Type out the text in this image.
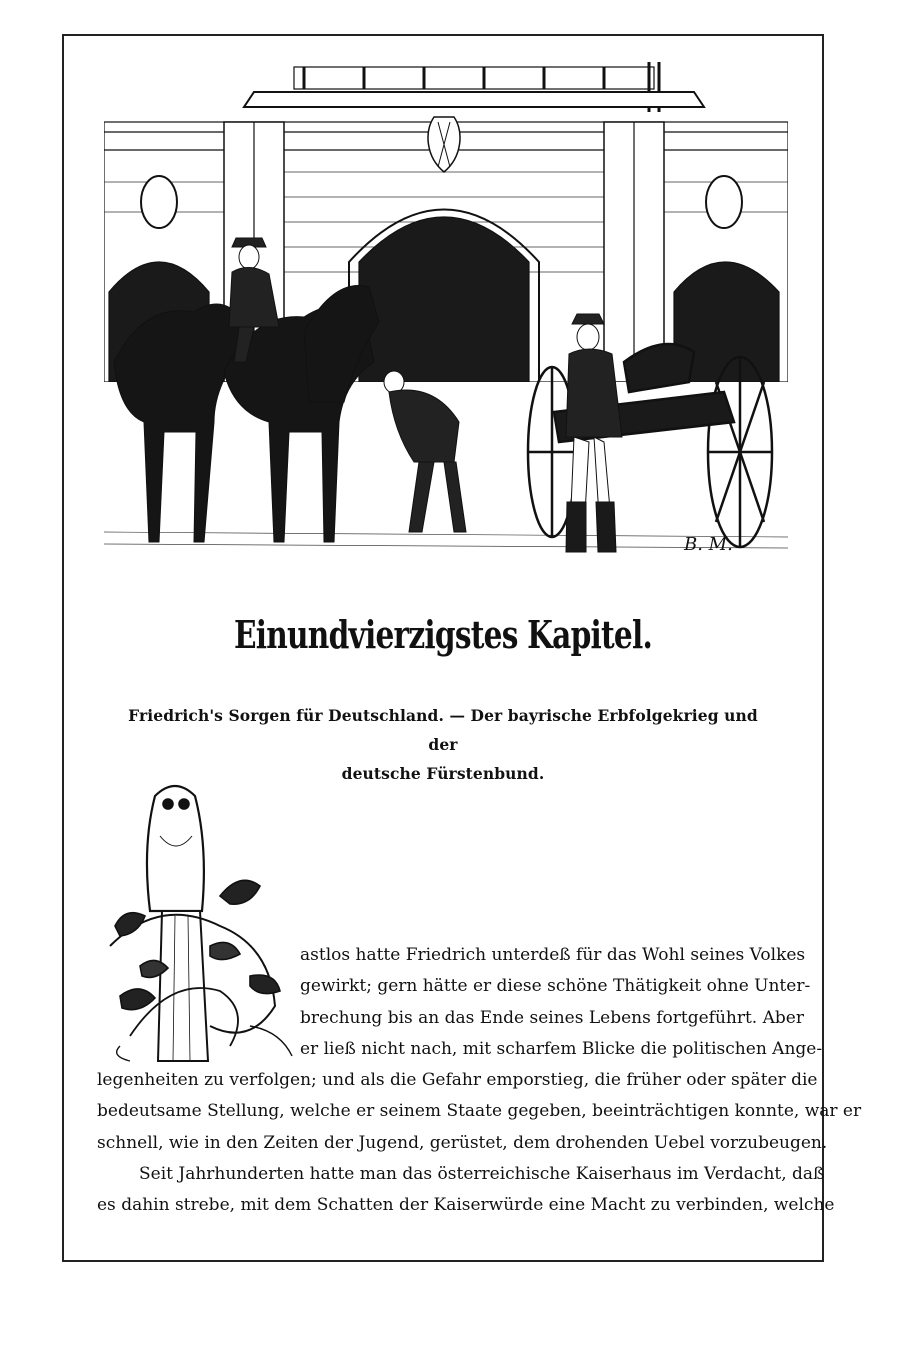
B. M.
Einundvierzigstes Kapitel.
Friedrich's Sorgen für Deutschland. — Der bayrische Erbfolgekrieg und der
deutsche Fürstenbund.
astlos hatte Friedrich unterdeß für das Wohl seines Volkes
gewirkt; gern hätte er diese schöne Thätigkeit ohne Unter-
brechung bis an das Ende seines Lebens fortgeführt. Aber
er ließ nicht nach, mit scharfem Blicke die politischen Ange-
legenheiten zu verfolgen; und als die Gefahr emporstieg, die früher oder später die
bedeutsame Stellung, welche er seinem Staate gegeben, beeinträchtigen konnte, war er
schnell, wie in den Zeiten der Jugend, gerüstet, dem drohenden Uebel vorzubeugen.
Seit Jahrhunderten hatte man das österreichische Kaiserhaus im Verdacht, daß
es dahin strebe, mit dem Schatten der Kaiserwürde eine Macht zu verbinden, welche
